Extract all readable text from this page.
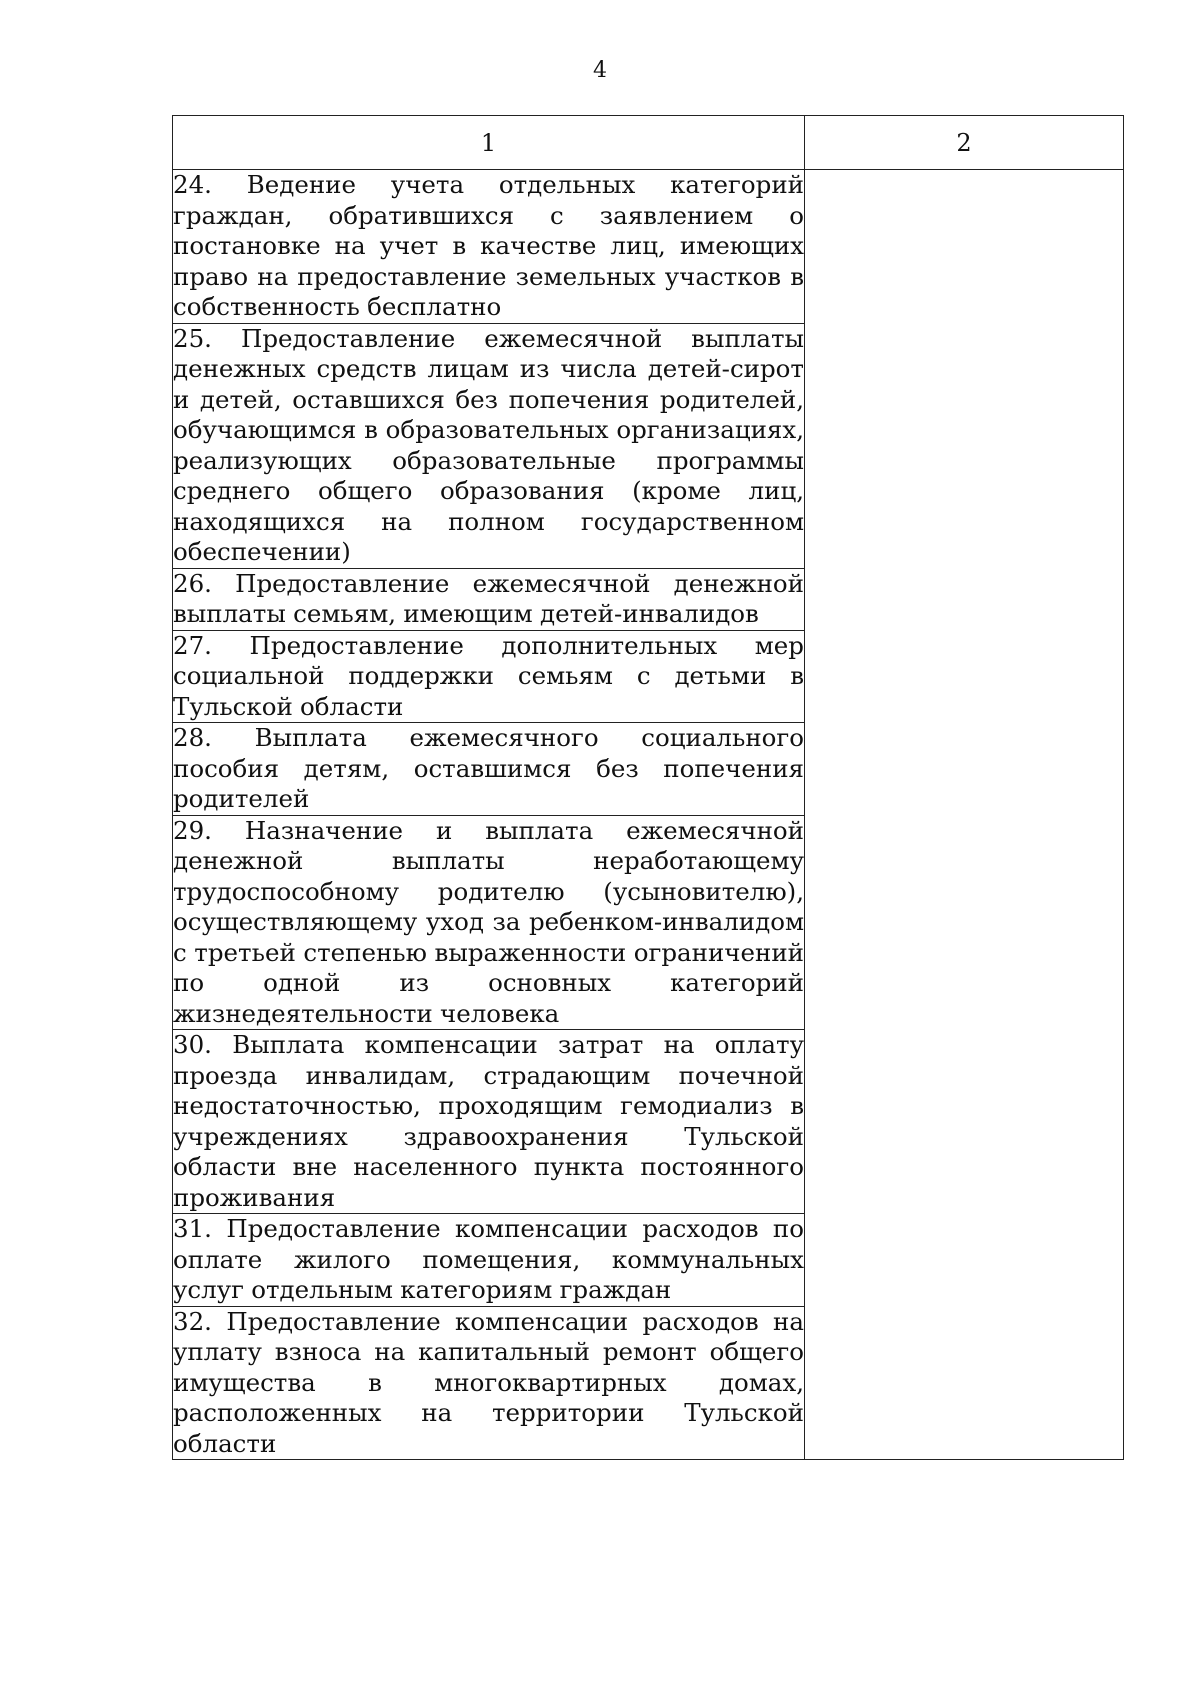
4
1	2
24. Ведение учета отдельных категорий граждан, обратившихся с заявлением о постановке на учет в качестве лиц, имеющих право на предоставление земельных участков в собственность бесплатно	
25. Предоставление ежемесячной выплаты денежных средств лицам из числа детей-сирот и детей, оставшихся без попечения родителей, обучающимся в образовательных организациях, реализующих образовательные программы среднего общего образования (кроме лиц, находящихся на полном государственном обеспечении)	
26. Предоставление ежемесячной денежной выплаты семьям, имеющим детей-инвалидов	
27. Предоставление дополнительных мер социальной поддержки семьям с детьми в Тульской области	
28. Выплата ежемесячного социального пособия детям, оставшимся без попечения родителей	
29. Назначение и выплата ежемесячной денежной выплаты неработающему трудоспособному родителю (усыновителю), осуществляющему уход за ребенком-инвалидом с третьей степенью выраженности ограничений по одной из основных категорий жизнедеятельности человека	
30. Выплата компенсации затрат на оплату проезда инвалидам, страдающим почечной недостаточностью, проходящим гемодиализ в учреждениях здравоохранения Тульской области вне населенного пункта постоянного проживания	
31. Предоставление компенсации расходов по оплате жилого помещения, коммунальных услуг отдельным категориям граждан	
32. Предоставление компенсации расходов на уплату взноса на капитальный ремонт общего имущества в многоквартирных домах, расположенных на территории Тульской области	
